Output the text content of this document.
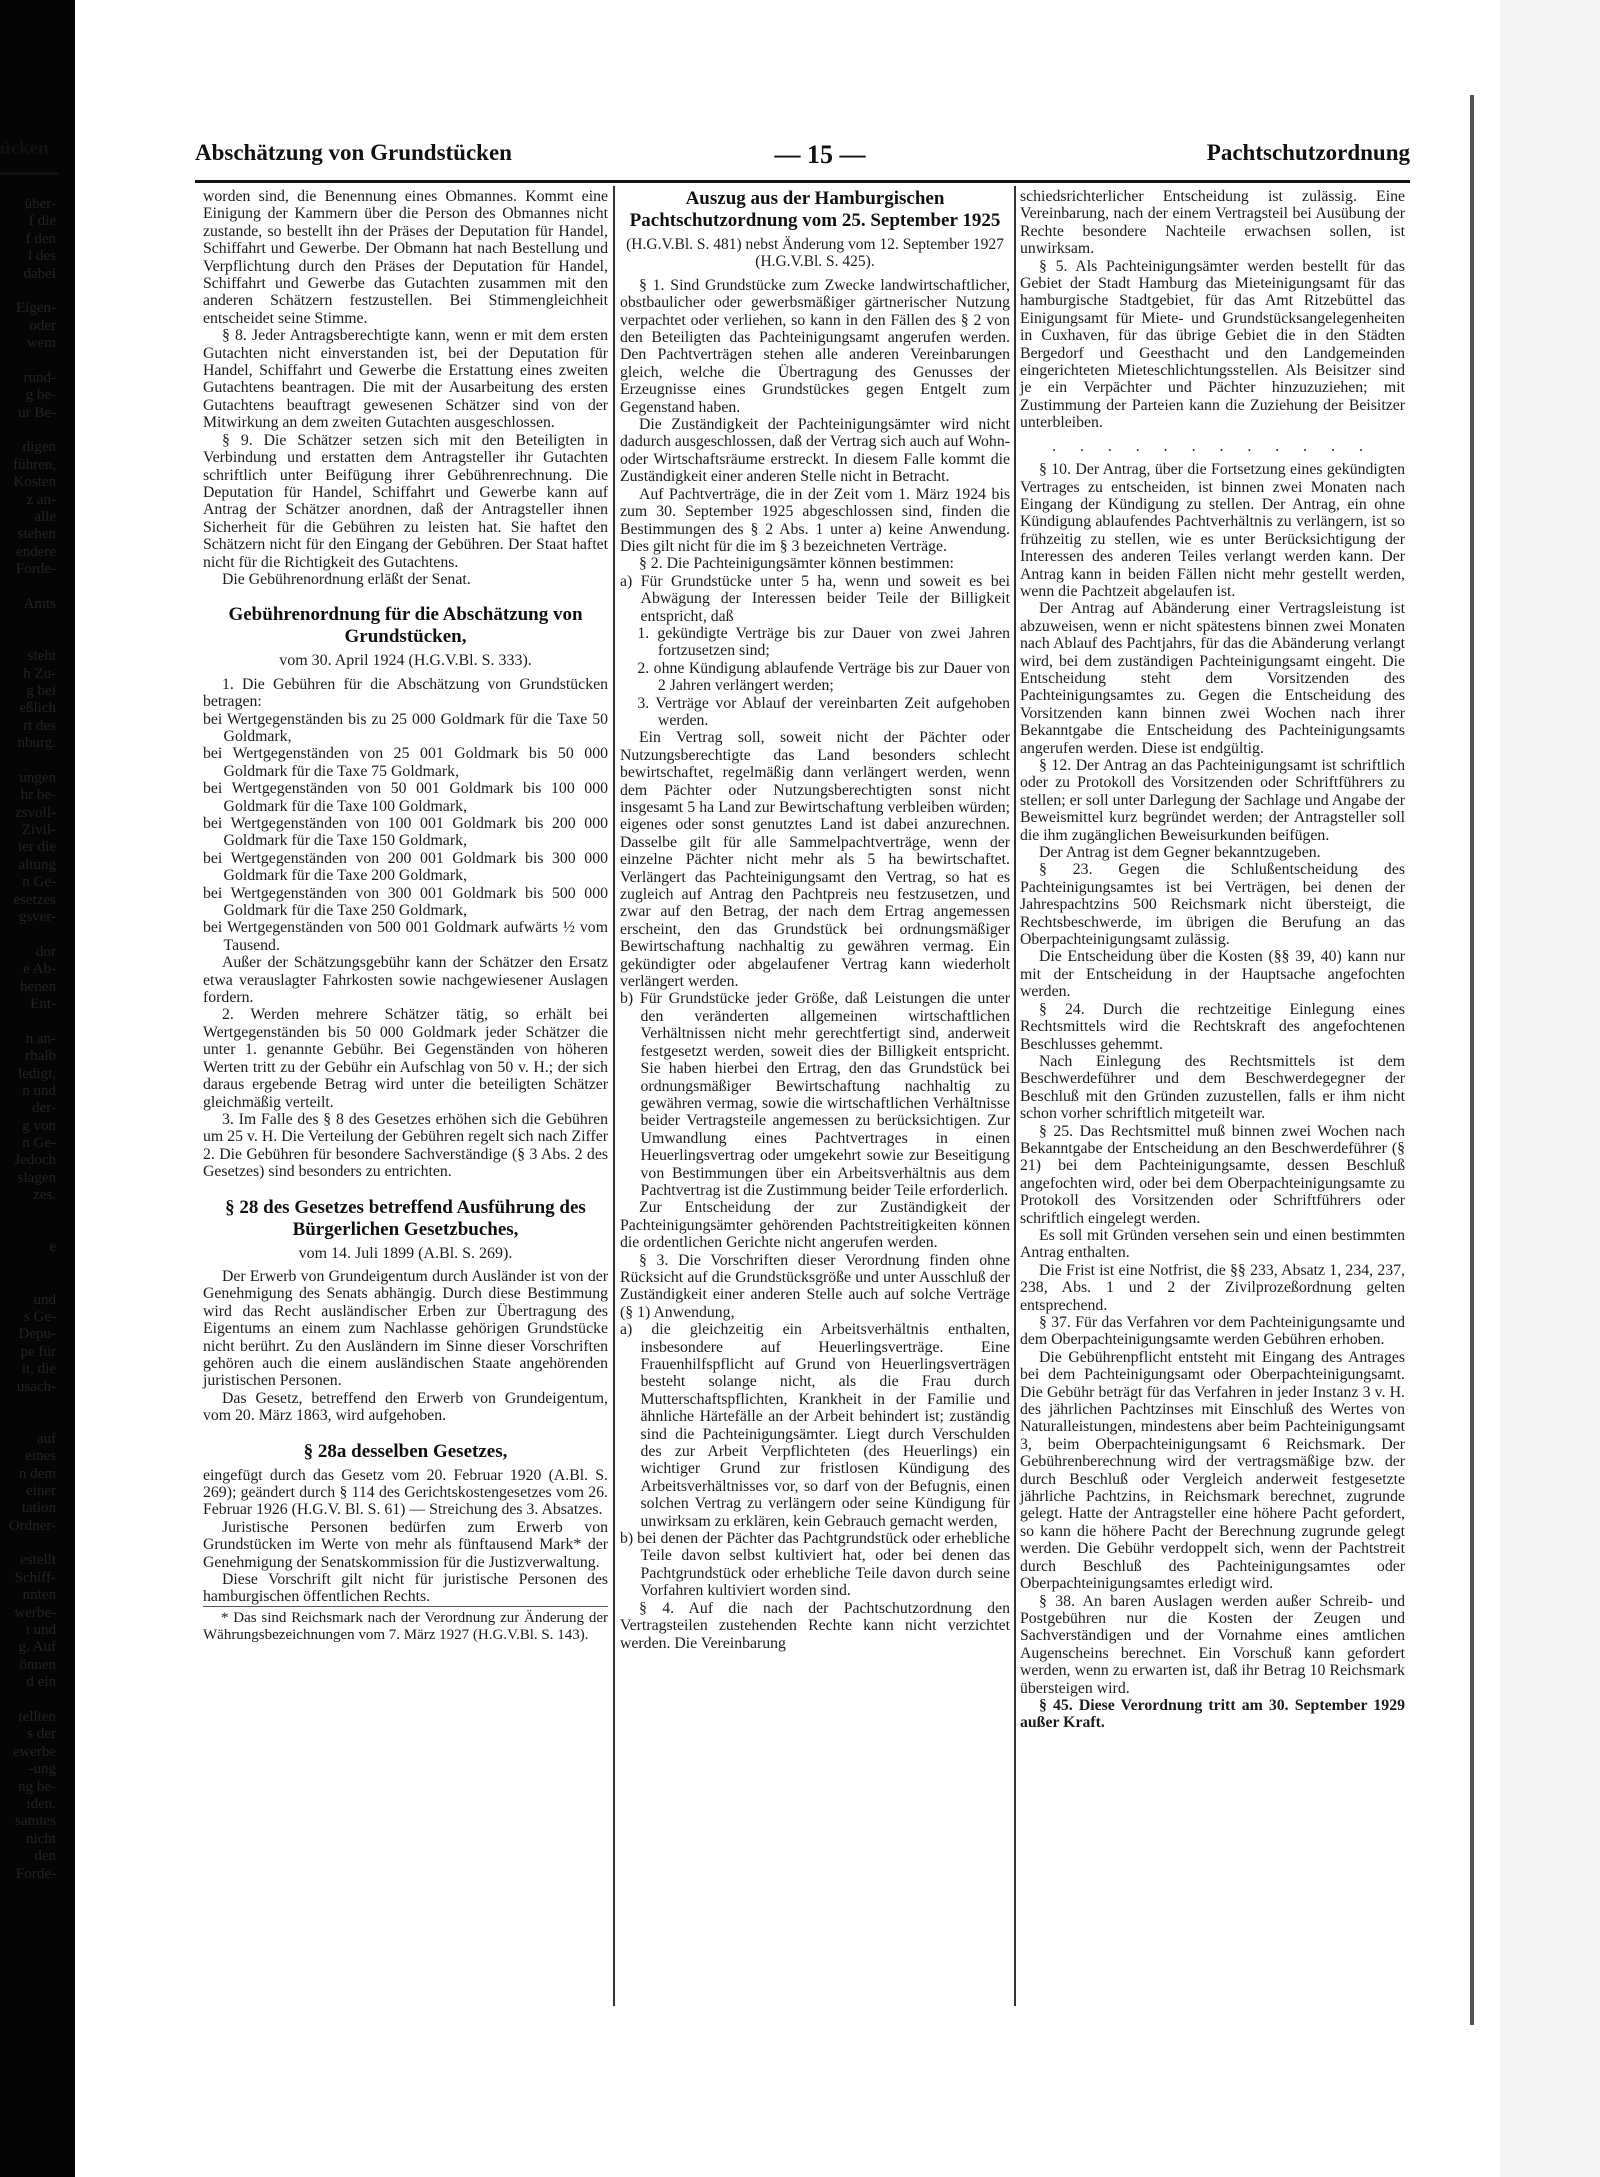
ücken
über-
f die
f den
l des
dabei
Eigen-
oder
wem
rund-
g be-
ur Be-
digen
führen,
Kosten
z an-
alle
stehen
endere
Forde-
Amts
steht
h Zu-
g bei
eßlich
rt des
nburg.
ungen
hr be-
zsvoll-
Zivil-
ier die
altung
n Ge-
esetzes
gsver-
dor
e Ab-
henen
Ent-
n an-
rhalb
ledigt,
n und
der-
g von
n Ge-
Jedoch
slagen
zes.
e
und
s Ge-
Depu-
pe für
it, die
usach-
auf
eines
n dem
einer
tation
Ordner-
estellt
Schiff-
nnten
werbe-
ı und
g. Auf
önnen
d ein
tellten
s der
ewerbe
-ung
ng be-
ıden.
samtes
nicht
den
Forde-
Abschätzung von Grundstücken	— 15 —	Pachtschutzordnung

worden sind, die Benennung eines Obmannes. Kommt eine Einigung der Kammern über die Person des Obmannes nicht zustande, so bestellt ihn der Präses der Deputation für Handel, Schiffahrt und Gewerbe. Der Obmann hat nach Bestellung und Verpflichtung durch den Präses der Deputation für Handel, Schiffahrt und Gewerbe das Gutachten zusammen mit den anderen Schätzern festzustellen. Bei Stimmengleichheit entscheidet seine Stimme.

§ 8. Jeder Antragsberechtigte kann, wenn er mit dem ersten Gutachten nicht einverstanden ist, bei der Deputation für Handel, Schiffahrt und Gewerbe die Erstattung eines zweiten Gutachtens beantragen. Die mit der Ausarbeitung des ersten Gutachtens beauftragt gewesenen Schätzer sind von der Mitwirkung an dem zweiten Gutachten ausgeschlossen.

§ 9. Die Schätzer setzen sich mit den Beteiligten in Verbindung und erstatten dem Antragsteller ihr Gutachten schriftlich unter Beifügung ihrer Gebührenrechnung. Die Deputation für Handel, Schiffahrt und Gewerbe kann auf Antrag der Schätzer anordnen, daß der Antragsteller ihnen Sicherheit für die Gebühren zu leisten hat. Sie haftet den Schätzern nicht für den Eingang der Gebühren. Der Staat haftet nicht für die Richtigkeit des Gutachtens.

Die Gebührenordnung erläßt der Senat.

Gebührenordnung für die Abschätzung von Grundstücken,
vom 30. April 1924 (H.G.V.Bl. S. 333).

1. Die Gebühren für die Abschätzung von Grundstücken betragen:

bei Wertgegenständen bis zu 25 000 Goldmark für die Taxe 50 Goldmark,

bei Wertgegenständen von 25 001 Goldmark bis 50 000 Goldmark für die Taxe 75 Goldmark,

bei Wertgegenständen von 50 001 Goldmark bis 100 000 Goldmark für die Taxe 100 Goldmark,

bei Wertgegenständen von 100 001 Goldmark bis 200 000 Goldmark für die Taxe 150 Goldmark,

bei Wertgegenständen von 200 001 Goldmark bis 300 000 Goldmark für die Taxe 200 Goldmark,

bei Wertgegenständen von 300 001 Goldmark bis 500 000 Goldmark für die Taxe 250 Goldmark,

bei Wertgegenständen von 500 001 Goldmark aufwärts ½ vom Tausend.

Außer der Schätzungsgebühr kann der Schätzer den Ersatz etwa verauslagter Fahrkosten sowie nachgewiesener Auslagen fordern.

2. Werden mehrere Schätzer tätig, so erhält bei Wertgegenständen bis 50 000 Goldmark jeder Schätzer die unter 1. genannte Gebühr. Bei Gegenständen von höheren Werten tritt zu der Gebühr ein Aufschlag von 50 v. H.; der sich daraus ergebende Betrag wird unter die beteiligten Schätzer gleichmäßig verteilt.

3. Im Falle des § 8 des Gesetzes erhöhen sich die Gebühren um 25 v. H. Die Verteilung der Gebühren regelt sich nach Ziffer 2. Die Gebühren für besondere Sachverständige (§ 3 Abs. 2 des Gesetzes) sind besonders zu entrichten.

§ 28 des Gesetzes betreffend Ausführung des Bürgerlichen Gesetzbuches,
vom 14. Juli 1899 (A.Bl. S. 269).

Der Erwerb von Grundeigentum durch Ausländer ist von der Genehmigung des Senats abhängig. Durch diese Bestimmung wird das Recht ausländischer Erben zur Übertragung des Eigentums an einem zum Nachlasse gehörigen Grundstücke nicht berührt. Zu den Ausländern im Sinne dieser Vorschriften gehören auch die einem ausländischen Staate angehörenden juristischen Personen.

Das Gesetz, betreffend den Erwerb von Grundeigentum, vom 20. März 1863, wird aufgehoben.

§ 28a desselben Gesetzes,

eingefügt durch das Gesetz vom 20. Februar 1920 (A.Bl. S. 269); geändert durch § 114 des Gerichtskostengesetzes vom 26. Februar 1926 (H.G.V. Bl. S. 61) — Streichung des 3. Absatzes.

Juristische Personen bedürfen zum Erwerb von Grundstücken im Werte von mehr als fünftausend Mark* der Genehmigung der Senatskommission für die Justizverwaltung.

Diese Vorschrift gilt nicht für juristische Personen des hamburgischen öffentlichen Rechts.

* Das sind Reichsmark nach der Verordnung zur Änderung der Währungsbezeichnungen vom 7. März 1927 (H.G.V.Bl. S. 143).

Auszug aus der Hamburgischen Pachtschutzordnung vom 25. September 1925
(H.G.V.Bl. S. 481) nebst Änderung vom 12. September 1927 (H.G.V.Bl. S. 425).

§ 1. Sind Grundstücke zum Zwecke landwirtschaftlicher, obstbaulicher oder gewerbsmäßiger gärtnerischer Nutzung verpachtet oder verliehen, so kann in den Fällen des § 2 von den Beteiligten das Pachteinigungsamt angerufen werden. Den Pachtverträgen stehen alle anderen Vereinbarungen gleich, welche die Übertragung des Genusses der Erzeugnisse eines Grundstückes gegen Entgelt zum Gegenstand haben.

Die Zuständigkeit der Pachteinigungsämter wird nicht dadurch ausgeschlossen, daß der Vertrag sich auch auf Wohn- oder Wirtschaftsräume erstreckt. In diesem Falle kommt die Zuständigkeit einer anderen Stelle nicht in Betracht.

Auf Pachtverträge, die in der Zeit vom 1. März 1924 bis zum 30. September 1925 abgeschlossen sind, finden die Bestimmungen des § 2 Abs. 1 unter a) keine Anwendung. Dies gilt nicht für die im § 3 bezeichneten Verträge.

§ 2. Die Pachteinigungsämter können bestimmen:

a) Für Grundstücke unter 5 ha, wenn und soweit es bei Abwägung der Interessen beider Teile der Billigkeit entspricht, daß

1. gekündigte Verträge bis zur Dauer von zwei Jahren fortzusetzen sind;

2. ohne Kündigung ablaufende Verträge bis zur Dauer von 2 Jahren verlängert werden;

3. Verträge vor Ablauf der vereinbarten Zeit aufgehoben werden.

Ein Vertrag soll, soweit nicht der Pächter oder Nutzungsberechtigte das Land besonders schlecht bewirtschaftet, regelmäßig dann verlängert werden, wenn dem Pächter oder Nutzungsberechtigten sonst nicht insgesamt 5 ha Land zur Bewirtschaftung verbleiben würden; eigenes oder sonst genutztes Land ist dabei anzurechnen. Dasselbe gilt für alle Sammelpachtverträge, wenn der einzelne Pächter nicht mehr als 5 ha bewirtschaftet. Verlängert das Pachteinigungsamt den Vertrag, so hat es zugleich auf Antrag den Pachtpreis neu festzusetzen, und zwar auf den Betrag, der nach dem Ertrag angemessen erscheint, den das Grundstück bei ordnungsmäßiger Bewirtschaftung nachhaltig zu gewähren vermag. Ein gekündigter oder abgelaufener Vertrag kann wiederholt verlängert werden.

b) Für Grundstücke jeder Größe, daß Leistungen die unter den veränderten allgemeinen wirtschaftlichen Verhältnissen nicht mehr gerechtfertigt sind, anderweit festgesetzt werden, soweit dies der Billigkeit entspricht. Sie haben hierbei den Ertrag, den das Grundstück bei ordnungsmäßiger Bewirtschaftung nachhaltig zu gewähren vermag, sowie die wirtschaftlichen Verhältnisse beider Vertragsteile angemessen zu berücksichtigen. Zur Umwandlung eines Pachtvertrages in einen Heuerlingsvertrag oder umgekehrt sowie zur Beseitigung von Bestimmungen über ein Arbeitsverhältnis aus dem Pachtvertrag ist die Zustimmung beider Teile erforderlich.

Zur Entscheidung der zur Zuständigkeit der Pachteinigungsämter gehörenden Pachtstreitigkeiten können die ordentlichen Gerichte nicht angerufen werden.

§ 3. Die Vorschriften dieser Verordnung finden ohne Rücksicht auf die Grundstücksgröße und unter Ausschluß der Zuständigkeit einer anderen Stelle auch auf solche Verträge (§ 1) Anwendung,

a) die gleichzeitig ein Arbeitsverhältnis enthalten, insbesondere auf Heuerlingsverträge. Eine Frauenhilfspflicht auf Grund von Heuerlingsverträgen besteht solange nicht, als die Frau durch Mutterschaftspflichten, Krankheit in der Familie und ähnliche Härtefälle an der Arbeit behindert ist; zuständig sind die Pachteinigungsämter. Liegt durch Verschulden des zur Arbeit Verpflichteten (des Heuerlings) ein wichtiger Grund zur fristlosen Kündigung des Arbeitsverhältnisses vor, so darf von der Befugnis, einen solchen Vertrag zu verlängern oder seine Kündigung für unwirksam zu erklären, kein Gebrauch gemacht werden,

b) bei denen der Pächter das Pachtgrundstück oder erhebliche Teile davon selbst kultiviert hat, oder bei denen das Pachtgrundstück oder erhebliche Teile davon durch seine Vorfahren kultiviert worden sind.

§ 4. Auf die nach der Pachtschutzordnung den Vertragsteilen zustehenden Rechte kann nicht verzichtet werden. Die Vereinbarung

schiedsrichterlicher Entscheidung ist zulässig. Eine Vereinbarung, nach der einem Vertragsteil bei Ausübung der Rechte besondere Nachteile erwachsen sollen, ist unwirksam.

§ 5. Als Pachteinigungsämter werden bestellt für das Gebiet der Stadt Hamburg das Mieteinigungsamt für das hamburgische Stadtgebiet, für das Amt Ritzebüttel das Einigungsamt für Miete- und Grundstücksangelegenheiten in Cuxhaven, für das übrige Gebiet die in den Städten Bergedorf und Geesthacht und den Landgemeinden eingerichteten Mieteschlichtungsstellen. Als Beisitzer sind je ein Verpächter und Pächter hinzuzuziehen; mit Zustimmung der Parteien kann die Zuziehung der Beisitzer unterbleiben.

. . . . . . . . . . . .

§ 10. Der Antrag, über die Fortsetzung eines gekündigten Vertrages zu entscheiden, ist binnen zwei Monaten nach Eingang der Kündigung zu stellen. Der Antrag, ein ohne Kündigung ablaufendes Pachtverhältnis zu verlängern, ist so frühzeitig zu stellen, wie es unter Berücksichtigung der Interessen des anderen Teiles verlangt werden kann. Der Antrag kann in beiden Fällen nicht mehr gestellt werden, wenn die Pachtzeit abgelaufen ist.

Der Antrag auf Abänderung einer Vertragsleistung ist abzuweisen, wenn er nicht spätestens binnen zwei Monaten nach Ablauf des Pachtjahrs, für das die Abänderung verlangt wird, bei dem zuständigen Pachteinigungsamt eingeht. Die Entscheidung steht dem Vorsitzenden des Pachteinigungsamtes zu. Gegen die Entscheidung des Vorsitzenden kann binnen zwei Wochen nach ihrer Bekanntgabe die Entscheidung des Pachteinigungsamts angerufen werden. Diese ist endgültig.

§ 12. Der Antrag an das Pachteinigungsamt ist schriftlich oder zu Protokoll des Vorsitzenden oder Schriftführers zu stellen; er soll unter Darlegung der Sachlage und Angabe der Beweismittel kurz begründet werden; der Antragsteller soll die ihm zugänglichen Beweisurkunden beifügen.

Der Antrag ist dem Gegner bekanntzugeben.

§ 23. Gegen die Schlußentscheidung des Pachteinigungsamtes ist bei Verträgen, bei denen der Jahrespachtzins 500 Reichsmark nicht übersteigt, die Rechtsbeschwerde, im übrigen die Berufung an das Oberpachteinigungsamt zulässig.

Die Entscheidung über die Kosten (§§ 39, 40) kann nur mit der Entscheidung in der Hauptsache angefochten werden.

§ 24. Durch die rechtzeitige Einlegung eines Rechtsmittels wird die Rechtskraft des angefochtenen Beschlusses gehemmt.

Nach Einlegung des Rechtsmittels ist dem Beschwerdeführer und dem Beschwerdegegner der Beschluß mit den Gründen zuzustellen, falls er ihm nicht schon vorher schriftlich mitgeteilt war.

§ 25. Das Rechtsmittel muß binnen zwei Wochen nach Bekanntgabe der Entscheidung an den Beschwerdeführer (§ 21) bei dem Pachteinigungsamte, dessen Beschluß angefochten wird, oder bei dem Oberpachteinigungsamte zu Protokoll des Vorsitzenden oder Schriftführers oder schriftlich eingelegt werden.

Es soll mit Gründen versehen sein und einen bestimmten Antrag enthalten.

Die Frist ist eine Notfrist, die §§ 233, Absatz 1, 234, 237, 238, Abs. 1 und 2 der Zivilprozeßordnung gelten entsprechend.

§ 37. Für das Verfahren vor dem Pachteinigungsamte und dem Oberpachteinigungsamte werden Gebühren erhoben.

Die Gebührenpflicht entsteht mit Eingang des Antrages bei dem Pachteinigungsamt oder Oberpachteinigungsamt. Die Gebühr beträgt für das Verfahren in jeder Instanz 3 v. H. des jährlichen Pachtzinses mit Einschluß des Wertes von Naturalleistungen, mindestens aber beim Pachteinigungsamt 3, beim Oberpachteinigungsamt 6 Reichsmark. Der Gebührenberechnung wird der vertragsmäßige bzw. der durch Beschluß oder Vergleich anderweit festgesetzte jährliche Pachtzins, in Reichsmark berechnet, zugrunde gelegt. Hatte der Antragsteller eine höhere Pacht gefordert, so kann die höhere Pacht der Berechnung zugrunde gelegt werden. Die Gebühr verdoppelt sich, wenn der Pachtstreit durch Beschluß des Pachteinigungsamtes oder Oberpachteinigungsamtes erledigt wird.

§ 38. An baren Auslagen werden außer Schreib- und Postgebühren nur die Kosten der Zeugen und Sachverständigen und der Vornahme eines amtlichen Augenscheins berechnet. Ein Vorschuß kann gefordert werden, wenn zu erwarten ist, daß ihr Betrag 10 Reichsmark übersteigen wird.

§ 45. Diese Verordnung tritt am 30. September 1929 außer Kraft.
